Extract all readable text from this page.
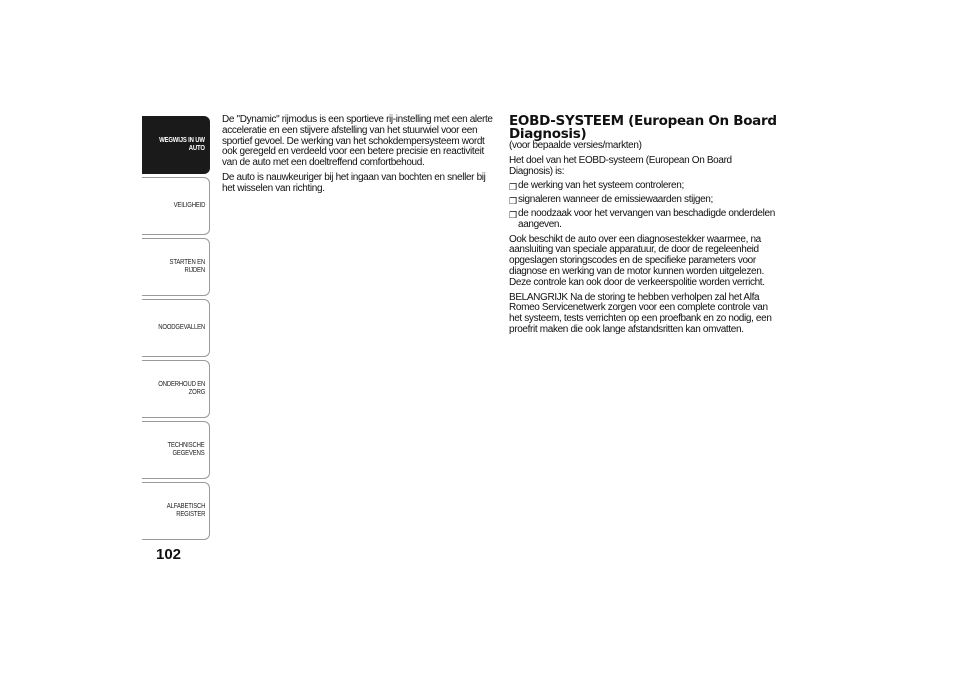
WEGWIJS IN UW
AUTO
VEILIGHEID
STARTEN EN RIJDEN
NOODGEVALLEN
ONDERHOUD EN
ZORG
TECHNISCHE
GEGEVENS
ALFABETISCH
REGISTER
102

De "Dynamic" rijmodus is een sportieve rij-instelling met een alerte acceleratie en een stijvere afstelling van het stuurwiel voor een sportief gevoel. De werking van het schokdempersysteem wordt ook geregeld en verdeeld voor een betere precisie en reactiviteit van de auto met een doeltreffend comfortbehoud.

De auto is nauwkeuriger bij het ingaan van bochten en sneller bij het wisselen van richting.

EOBD-SYSTEEM (European On Board Diagnosis)

(voor bepaalde versies/markten)

Het doel van het EOBD-systeem (European On Board Diagnosis) is:

❒ de werking van het systeem controleren;
❒ signaleren wanneer de emissiewaarden stijgen;
❒ de noodzaak voor het vervangen van beschadigde onderdelen aangeven.

Ook beschikt de auto over een diagnosestekker waarmee, na aansluiting van speciale apparatuur, de door de regeleenheid opgeslagen storingscodes en de specifieke parameters voor diagnose en werking van de motor kunnen worden uitgelezen. Deze controle kan ook door de verkeerspolitie worden verricht.

BELANGRIJK Na de storing te hebben verholpen zal het Alfa Romeo Servicenetwerk zorgen voor een complete controle van het systeem, tests verrichten op een proefbank en zo nodig, een proefrit maken die ook lange afstandsritten kan omvatten.
